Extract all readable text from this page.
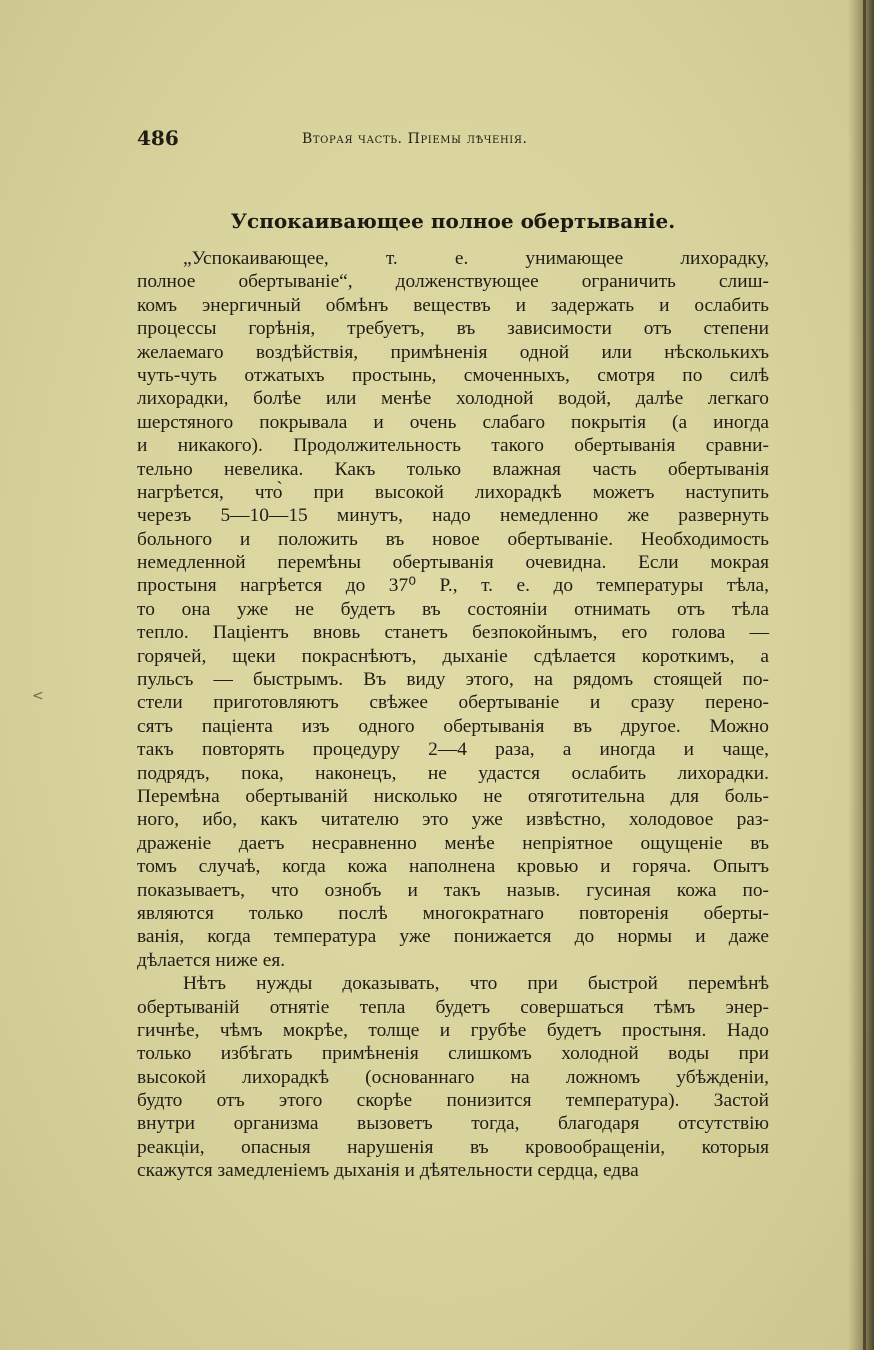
<
486	Вторая часть. Пріемы лѣченія.
Успокаивающее полное обертываніе.
„Успокаивающее, т. е. унимающее лихорадку,
полное обертываніе“, долженствующее ограничить слиш-
комъ энергичный обмѣнъ веществъ и задержать и ослабить
процессы горѣнія, требуетъ, въ зависимости отъ степени
желаемаго воздѣйствія, примѣненія одной или нѣсколькихъ
чуть-чуть отжатыхъ простынь, смоченныхъ, смотря по силѣ
лихорадки, болѣе или менѣе холодной водой, далѣе легкаго
шерстяного покрывала и очень слабаго покрытія (а иногда
и никакого). Продолжительность такого обертыванія сравни-
тельно невелика. Какъ только влажная часть обертыванія
нагрѣется, что̀ при высокой лихорадкѣ можетъ наступить
черезъ 5—10—15 минутъ, надо немедленно же развернуть
больного и положить въ новое обертываніе. Необходимость
немедленной перемѣны обертыванія очевидна. Если мокрая
простыня нагрѣется до 37⁰ Р., т. е. до температуры тѣла,
то она уже не будетъ въ состояніи отнимать отъ тѣла
тепло. Паціентъ вновь станетъ безпокойнымъ, его голова —
горячей, щеки покраснѣютъ, дыханіе сдѣлается короткимъ, а
пульсъ — быстрымъ. Въ виду этого, на рядомъ стоящей по-
стели приготовляютъ свѣжее обертываніе и сразу перено-
сятъ паціента изъ одного обертыванія въ другое. Можно
такъ повторять процедуру 2—4 раза, а иногда и чаще,
подрядъ, пока, наконецъ, не удастся ослабить лихорадки.
Перемѣна обертываній нисколько не отяготительна для боль-
ного, ибо, какъ читателю это уже извѣстно, холодовое раз-
драженіе даетъ несравненно менѣе непріятное ощущеніе въ
томъ случаѣ, когда кожа наполнена кровью и горяча. Опытъ
показываетъ, что ознобъ и такъ назыв. гусиная кожа по-
являются только послѣ многократнаго повторенія оберты-
ванія, когда температура уже понижается до нормы и даже
дѣлается ниже ея.
Нѣтъ нужды доказывать, что при быстрой перемѣнѣ
обертываній отнятіе тепла будетъ совершаться тѣмъ энер-
гичнѣе, чѣмъ мокрѣе, толще и грубѣе будетъ простыня. Надо
только избѣгать примѣненія слишкомъ холодной воды при
высокой лихорадкѣ (основаннаго на ложномъ убѣжденіи,
будто отъ этого скорѣе понизится температура). Застой
внутри организма вызоветъ тогда, благодаря отсутствію
реакціи, опасныя нарушенія въ кровообращеніи, которыя
скажутся замедленіемъ дыханія и дѣятельности сердца, едва
